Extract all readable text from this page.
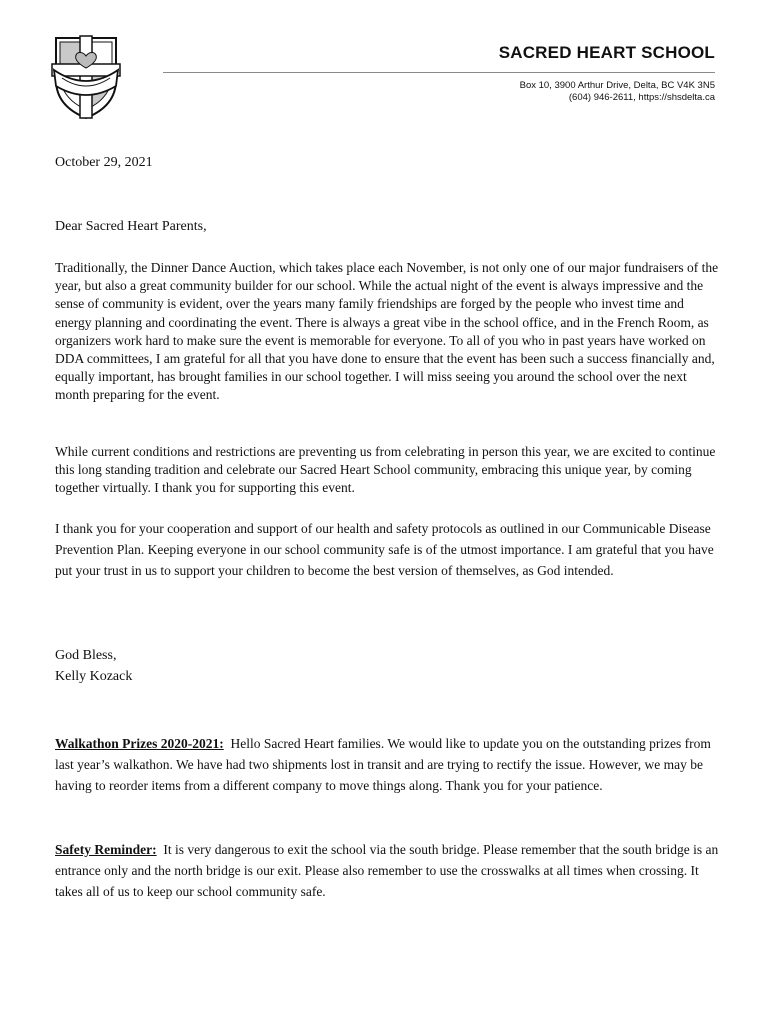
SACRED HEART SCHOOL
Box 10, 3900 Arthur Drive, Delta, BC V4K 3N5
(604) 946-2611, https://shsdelta.ca
October 29, 2021
Dear Sacred Heart Parents,

Traditionally, the Dinner Dance Auction, which takes place each November, is not only one of our major fundraisers of the year, but also a great community builder for our school. While the actual night of the event is always impressive and the sense of community is evident, over the years many family friendships are forged by the people who invest time and energy planning and coordinating the event. There is always a great vibe in the school office, and in the French Room, as organizers work hard to make sure the event is memorable for everyone. To all of you who in past years have worked on DDA committees, I am grateful for all that you have done to ensure that the event has been such a success financially and, equally important, has brought families in our school together. I will miss seeing you around the school over the next month preparing for the event.

While current conditions and restrictions are preventing us from celebrating in person this year, we are excited to continue this long standing tradition and celebrate our Sacred Heart School community, embracing this unique year, by coming together virtually. I thank you for supporting this event.

I thank you for your cooperation and support of our health and safety protocols as outlined in our Communicable Disease Prevention Plan. Keeping everyone in our school community safe is of the utmost importance. I am grateful that you have put your trust in us to support your children to become the best version of themselves, as God intended.

God Bless,
Kelly Kozack

Walkathon Prizes 2020-2021: Hello Sacred Heart families. We would like to update you on the outstanding prizes from last year’s walkathon. We have had two shipments lost in transit and are trying to rectify the issue. However, we may be having to reorder items from a different company to move things along. Thank you for your patience.

Safety Reminder: It is very dangerous to exit the school via the south bridge. Please remember that the south bridge is an entrance only and the north bridge is our exit. Please also remember to use the crosswalks at all times when crossing. It takes all of us to keep our school community safe.
